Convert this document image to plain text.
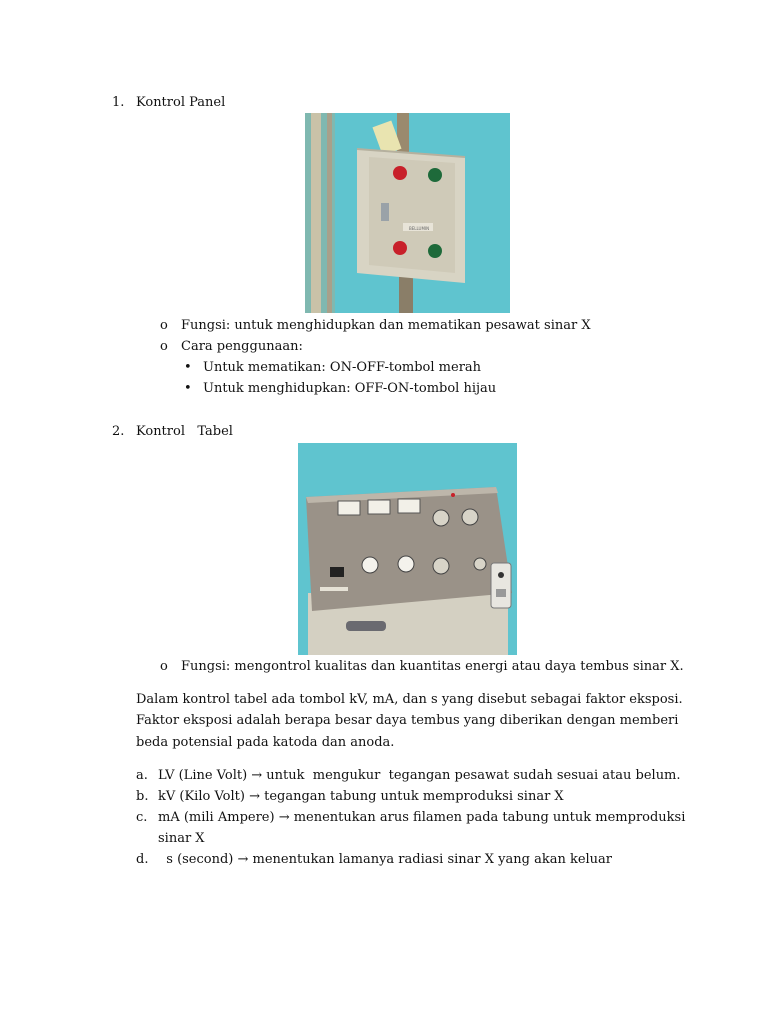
1. Kontrol Panel
BELLUMIN
o Fungsi: untuk menghidupkan dan mematikan pesawat sinar X
o Cara penggunaan:
• Untuk mematikan: ON-OFF-tombol merah
• Untuk menghidupkan: OFF-ON-tombol hijau
2. Kontrol   Tabel
o Fungsi: mengontrol kualitas dan kuantitas energi atau daya tembus sinar X.
Dalam kontrol tabel ada tombol kV, mA, dan s yang disebut sebagai faktor eksposi.
Faktor eksposi adalah berapa besar daya tembus yang diberikan dengan memberi
beda potensial pada katoda dan anoda.
a. LV (Line Volt) → untuk  mengukur  tegangan pesawat sudah sesuai atau belum.
b. kV (Kilo Volt) → tegangan tabung untuk memproduksi sinar X
c. mA (mili Ampere) → menentukan arus filamen pada tabung untuk memproduksi
sinar X
d. s (second) → menentukan lamanya radiasi sinar X yang akan keluar
